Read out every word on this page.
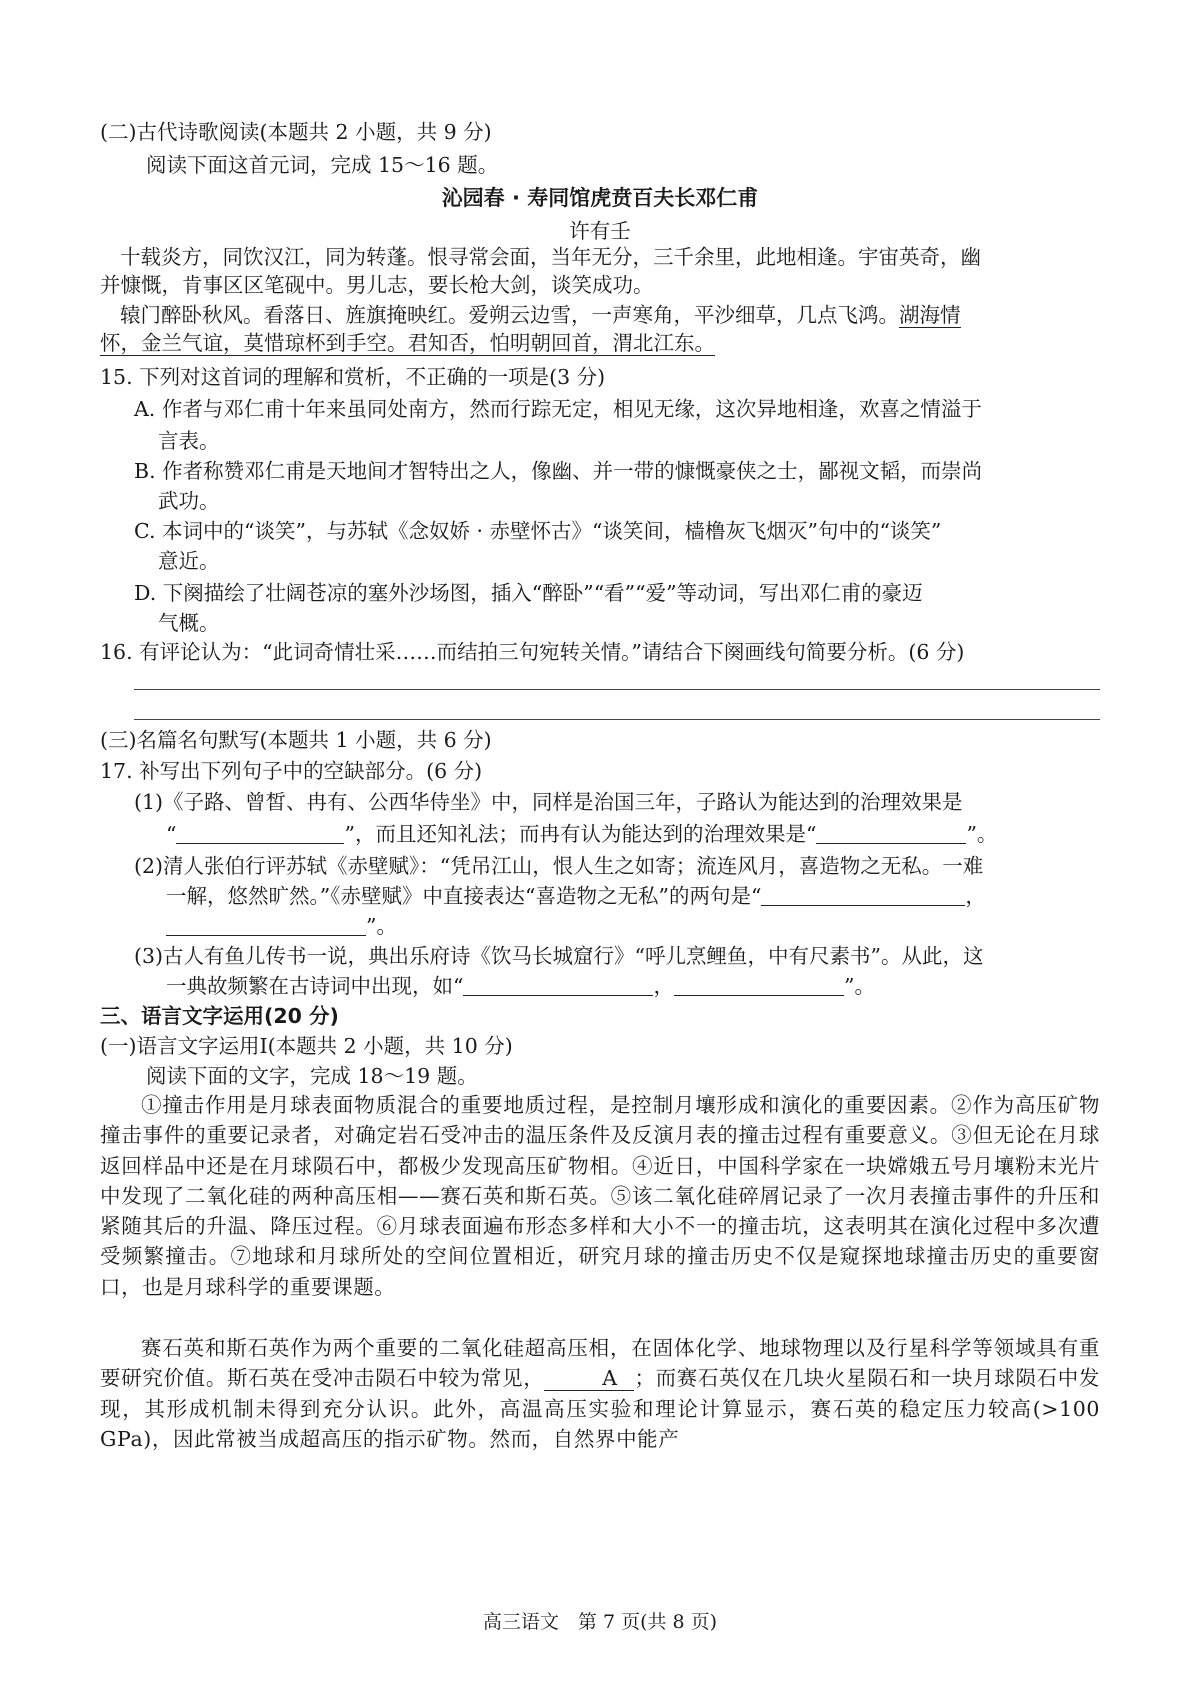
(二)古代诗歌阅读(本题共 2 小题，共 9 分)
阅读下面这首元词，完成 15～16 题。
沁园春 · 寿同馆虎贲百夫长邓仁甫
许有壬
十载炎方，同饮汉江，同为转蓬。恨寻常会面，当年无分，三千余里，此地相逢。宇宙英奇，幽
并慷慨，肯事区区笔砚中。男儿志，要长枪大剑，谈笑成功。
辕门醉卧秋风。看落日、旌旗掩映红。爱朔云边雪，一声寒角，平沙细草，几点飞鸿。湖海情
怀，金兰气谊，莫惜琼杯到手空。君知否，怕明朝回首，渭北江东。
15. 下列对这首词的理解和赏析，不正确的一项是(3 分)
A. 作者与邓仁甫十年来虽同处南方，然而行踪无定，相见无缘，这次异地相逢，欢喜之情溢于
言表。
B. 作者称赞邓仁甫是天地间才智特出之人，像幽、并一带的慷慨豪侠之士，鄙视文韬，而崇尚
武功。
C. 本词中的“谈笑”，与苏轼《念奴娇 · 赤壁怀古》“谈笑间，樯橹灰飞烟灭”句中的“谈笑”
意近。
D. 下阕描绘了壮阔苍凉的塞外沙场图，插入“醉卧”“看”“爱”等动词，写出邓仁甫的豪迈
气概。
16. 有评论认为：“此词奇情壮采……而结拍三句宛转关情。”请结合下阕画线句简要分析。(6 分)
(三)名篇名句默写(本题共 1 小题，共 6 分)
17. 补写出下列句子中的空缺部分。(6 分)
(1)《子路、曾皙、冉有、公西华侍坐》中，同样是治国三年，子路认为能达到的治理效果是
“	”，而且还知礼法；而冉有认为能达到的治理效果是“	”。
(2)清人张伯行评苏轼《赤壁赋》：“凭吊江山，恨人生之如寄；流连风月，喜造物之无私。一难
一解，悠然旷然。”《赤壁赋》中直接表达“喜造物之无私”的两句是“	，
”。
(3)古人有鱼儿传书一说，典出乐府诗《饮马长城窟行》“呼儿烹鲤鱼，中有尺素书”。从此，这
一典故频繁在古诗词中出现，如“	，	”。
三、语言文字运用(20 分)
(一)语言文字运用Ⅰ(本题共 2 小题，共 10 分)
阅读下面的文字，完成 18～19 题。
①撞击作用是月球表面物质混合的重要地质过程，是控制月壤形成和演化的重要因素。②作为高压矿物撞击事件的重要记录者，对确定岩石受冲击的温压条件及反演月表的撞击过程有重要意义。③但无论在月球返回样品中还是在月球陨石中，都极少发现高压矿物相。④近日，中国科学家在一块嫦娥五号月壤粉末光片中发现了二氧化硅的两种高压相——赛石英和斯石英。⑤该二氧化硅碎屑记录了一次月表撞击事件的升压和紧随其后的升温、降压过程。⑥月球表面遍布形态多样和大小不一的撞击坑，这表明其在演化过程中多次遭受频繁撞击。⑦地球和月球所处的空间位置相近，研究月球的撞击历史不仅是窥探地球撞击历史的重要窗口，也是月球科学的重要课题。
赛石英和斯石英作为两个重要的二氧化硅超高压相，在固体化学、地球物理以及行星科学等领域具有重要研究价值。斯石英在受冲击陨石中较为常见，	A ；而赛石英仅在几块火星陨石和一块月球陨石中发现，其形成机制未得到充分认识。此外，高温高压实验和理论计算显示，赛石英的稳定压力较高(>100 GPa)，因此常被当成超高压的指示矿物。然而，自然界中能产
高三语文　第 7 页(共 8 页)
